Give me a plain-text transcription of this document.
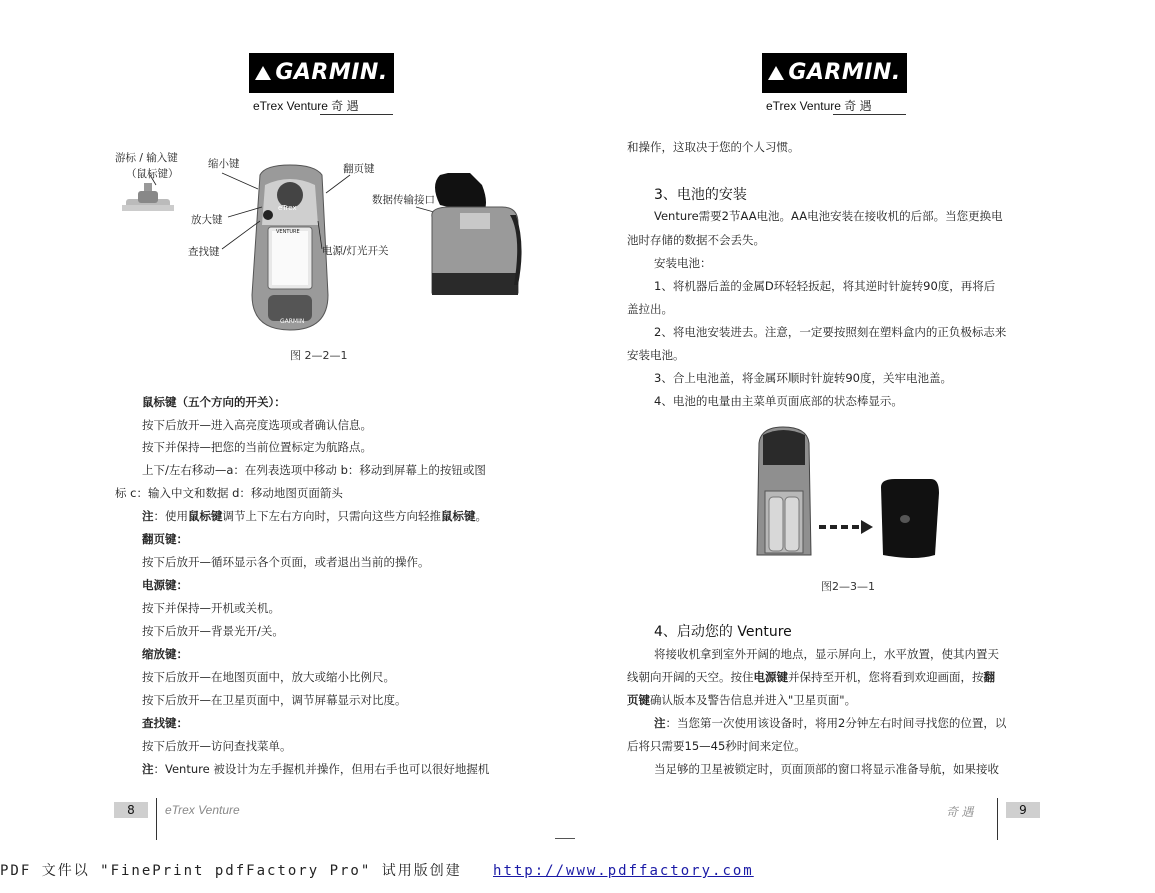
GARMIN.
eTrex Venture 奇 遇
GARMIN.
eTrex Venture 奇 遇
eTrex
VENTURE
GARMIN
游标 / 输入键
（鼠标键）
缩小键	翻页键
数据传输接口
放大键
查找键	电源/灯光开关
图 2—2—1
鼠标键（五个方向的开关）：
按下后放开—进入高亮度选项或者确认信息。
按下并保持—把您的当前位置标定为航路点。
上下/左右移动—a：在列表选项中移动 b：移动到屏幕上的按钮或图
标 c：输入中文和数据 d：移动地图页面箭头
注：使用鼠标键调节上下左右方向时，只需向这些方向轻推鼠标键。
翻页键：
按下后放开—循环显示各个页面，或者退出当前的操作。
电源键：
按下并保持—开机或关机。
按下后放开—背景光开/关。
缩放键：
按下后放开—在地图页面中，放大或缩小比例尺。
按下后放开—在卫星页面中，调节屏幕显示对比度。
查找键：
按下后放开—访问查找菜单。
注：Venture 被设计为左手握机并操作，但用右手也可以很好地握机
和操作，这取决于您的个人习惯。
3、电池的安装
Venture需要2节AA电池。AA电池安装在接收机的后部。当您更换电
池时存储的数据不会丢失。
安装电池：
1、将机器后盖的金属D环轻轻扳起，将其逆时针旋转90度，再将后
盖拉出。
2、将电池安装进去。注意，一定要按照刻在塑料盒内的正负极标志来
安装电池。
3、合上电池盖，将金属环顺时针旋转90度，关牢电池盖。
4、电池的电量由主菜单页面底部的状态棒显示。
图2—3—1
4、启动您的 Venture
将接收机拿到室外开阔的地点，显示屏向上，水平放置，使其内置天
线朝向开阔的天空。按住电源键并保持至开机，您将看到欢迎画面，按翻
页键确认版本及警告信息并进入"卫星页面"。
注：当您第一次使用该设备时，将用2分钟左右时间寻找您的位置，以
后将只需要15—45秒时间来定位。
当足够的卫星被锁定时，页面顶部的窗口将显示准备导航，如果接收
8	eTrex Venture	奇 遇	9
PDF 文件以 "FinePrint pdfFactory Pro" 试用版创建 http://www.pdffactory.com
